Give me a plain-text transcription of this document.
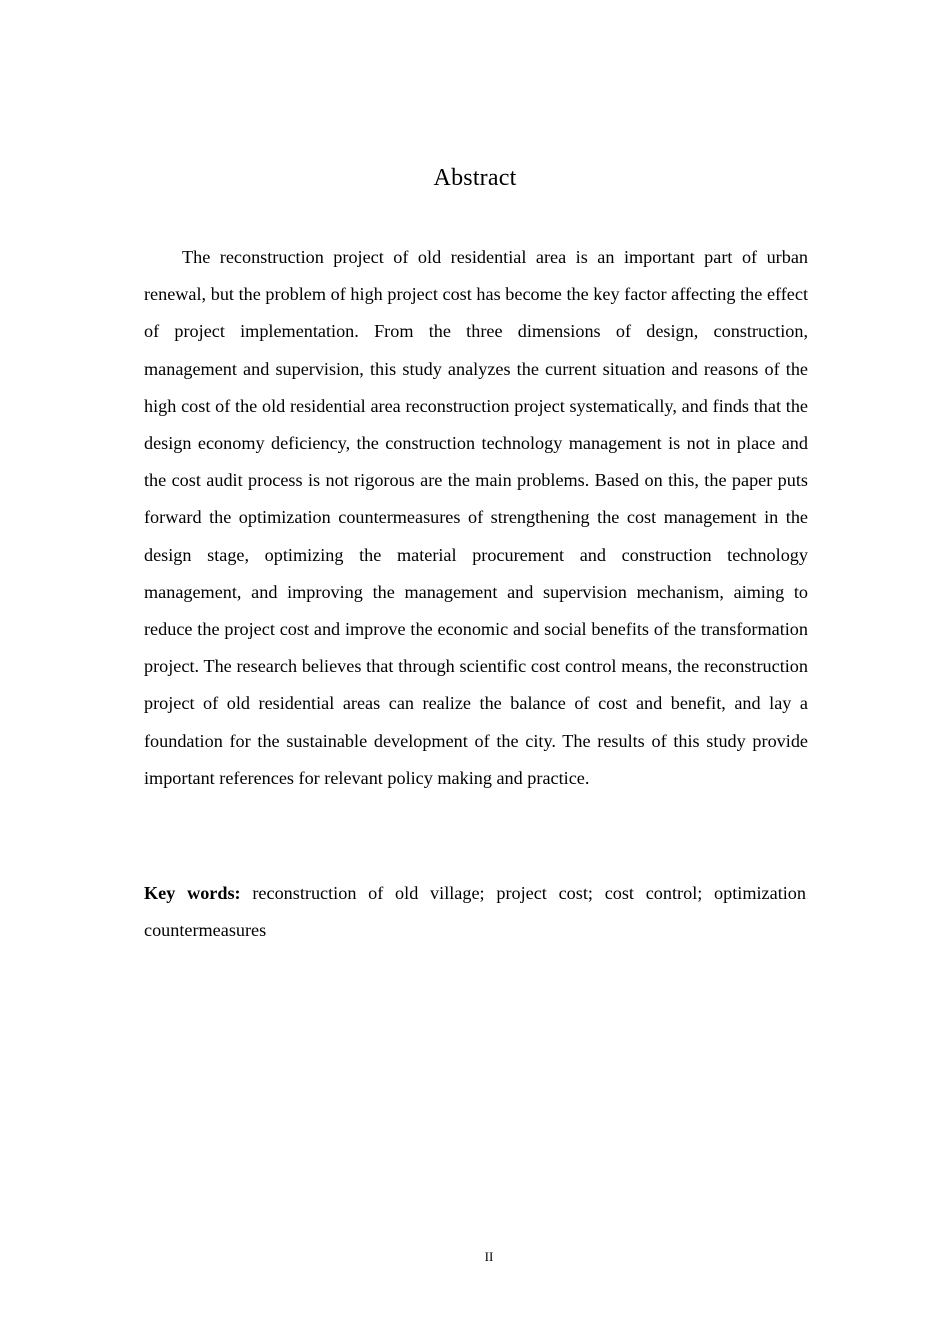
Abstract

The reconstruction project of old residential area is an important part of urban renewal, but the problem of high project cost has become the key factor affecting the effect of project implementation. From the three dimensions of design, construction, management and supervision, this study analyzes the current situation and reasons of the high cost of the old residential area reconstruction project systematically, and finds that the design economy deficiency, the construction technology management is not in place and the cost audit process is not rigorous are the main problems. Based on this, the paper puts forward the optimization countermeasures of strengthening the cost management in the design stage, optimizing the material procurement and construction technology management, and improving the management and supervision mechanism, aiming to reduce the project cost and improve the economic and social benefits of the transformation project. The research believes that through scientific cost control means, the reconstruction project of old residential areas can realize the balance of cost and benefit, and lay a foundation for the sustainable development of the city. The results of this study provide important references for relevant policy making and practice.

Key words: reconstruction of old village; project cost; cost control; optimization countermeasures

II
